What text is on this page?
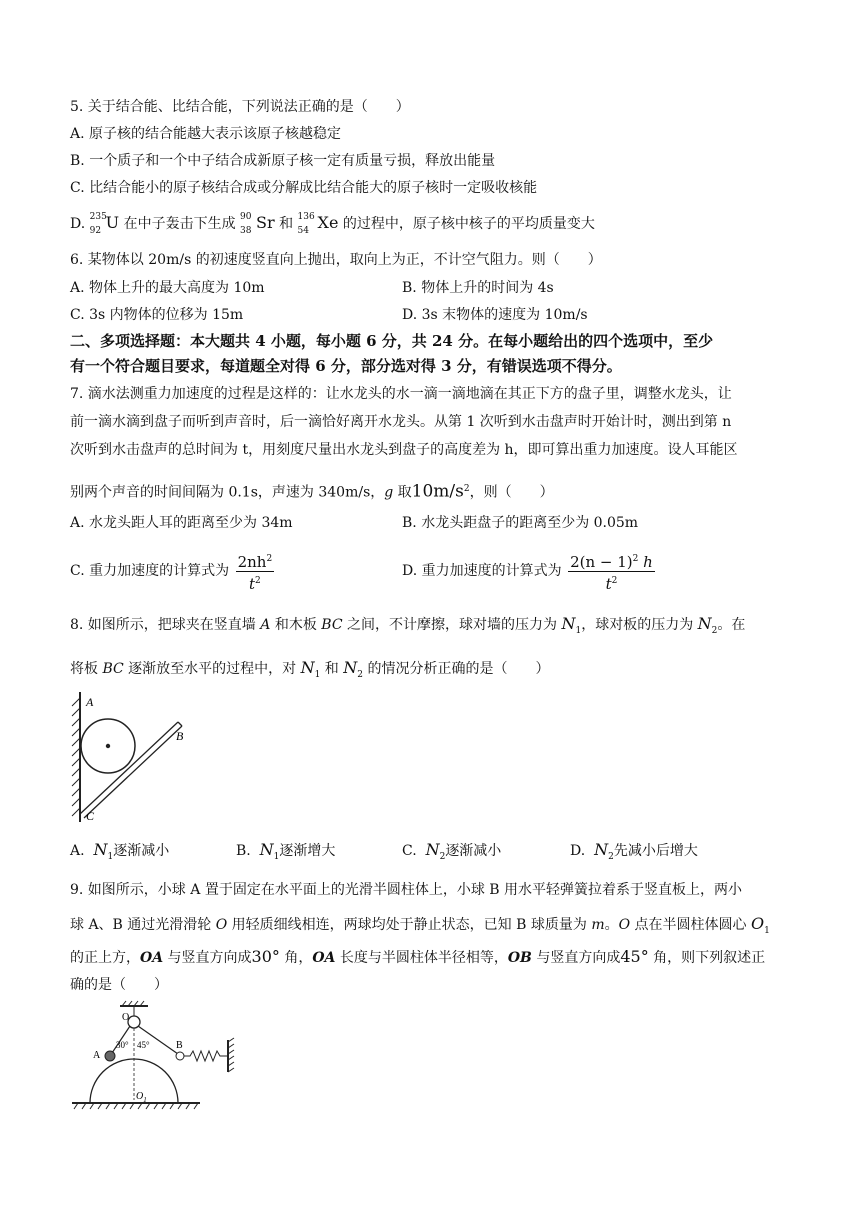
5. 关于结合能、比结合能，下列说法正确的是（　　）
A. 原子核的结合能越大表示该原子核越稳定
B. 一个质子和一个中子结合成新原子核一定有质量亏损，释放出能量
C. 比结合能小的原子核结合成或分解成比结合能大的原子核时一定吸收核能
D. 235
92 U 在中子轰击下生成 90
38 Sr 和 136
54 Xe 的过程中，原子核中核子的平均质量变大
6. 某物体以 20m/s 的初速度竖直向上抛出，取向上为正，不计空气阻力。则（　　）
A. 物体上升的最大高度为 10m	B. 物体上升的时间为 4s
C. 3s 内物体的位移为 15m	D. 3s 末物体的速度为 10m/s
二、多项选择题：本大题共 4 小题，每小题 6 分，共 24 分。在每小题给出的四个选项中，至少
有一个符合题目要求，每道题全对得 6 分，部分选对得 3 分，有错误选项不得分。
7. 滴水法测重力加速度的过程是这样的：让水龙头的水一滴一滴地滴在其正下方的盘子里，调整水龙头，让
前一滴水滴到盘子而听到声音时，后一滴恰好离开水龙头。从第 1 次听到水击盘声时开始计时，测出到第 n
次听到水击盘声的总时间为 t，用刻度尺量出水龙头到盘子的高度差为 h，即可算出重力加速度。设人耳能区
别两个声音的时间间隔为 0.1s，声速为 340m/s，g 取$10m/s^2$，则（　　）
A. 水龙头距人耳的距离至少为 34m	B. 水龙头距盘子的距离至少为 0.05m
C. 重力加速度的计算式为 $\frac{2nh^2}{t^2}$	D. 重力加速度的计算式为 $\frac{2(n - 1)^2 h}{t^2}$
8. 如图所示，把球夹在竖直墙 A 和木板 BC 之间，不计摩擦，球对墙的压力为 $N_1$，球对板的压力为 $N_2$。在
将板 BC 逐渐放至水平的过程中，对 $N_1$ 和 $N_2$ 的情况分析正确的是（　　）
A
B
C
A. $N_1$逐渐减小	B. $N_1$逐渐增大	C. $N_2$逐渐减小	D. $N_2$先减小后增大
9. 如图所示，小球 A 置于固定在水平面上的光滑半圆柱体上，小球 B 用水平轻弹簧拉着系于竖直板上，两小
球 A、B 通过光滑滑轮 O 用轻质细线相连，两球均处于静止状态，已知 B 球质量为 m。O 点在半圆柱体圆心 $O_1$
的正上方，OA 与竖直方向成30° 角，OA 长度与半圆柱体半径相等，OB 与竖直方向成45° 角，则下列叙述正
确的是（　　）
O
30° 45°
A
B
$O_1$
